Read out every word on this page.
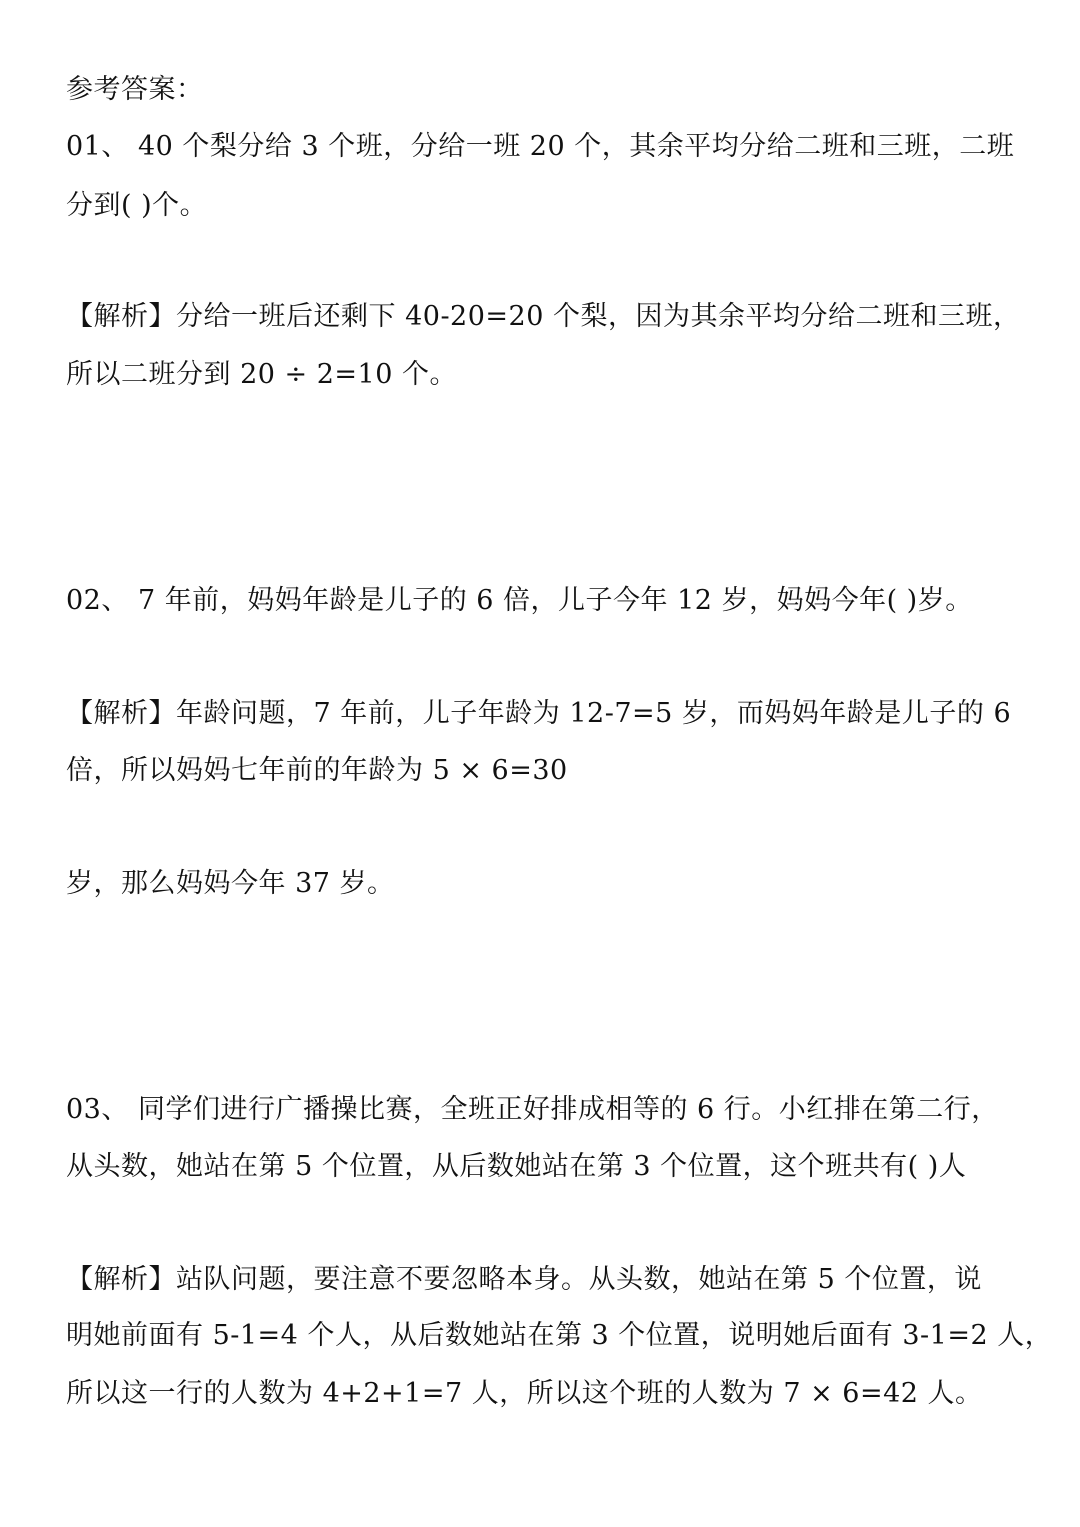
参考答案：
01、 40 个梨分给 3 个班，分给一班 20 个，其余平均分给二班和三班，二班
分到( )个。
【解析】分给一班后还剩下 40-20=20 个梨，因为其余平均分给二班和三班，
所以二班分到 20 ÷ 2=10 个。
02、 7 年前，妈妈年龄是儿子的 6 倍，儿子今年 12 岁，妈妈今年( )岁。
【解析】年龄问题，7 年前，儿子年龄为 12-7=5 岁，而妈妈年龄是儿子的 6
倍，所以妈妈七年前的年龄为 5 × 6=30
岁，那么妈妈今年 37 岁。
03、 同学们进行广播操比赛，全班正好排成相等的 6 行。小红排在第二行，
从头数，她站在第 5 个位置，从后数她站在第 3 个位置，这个班共有( )人
【解析】站队问题，要注意不要忽略本身。从头数，她站在第 5 个位置，说
明她前面有 5-1=4 个人，从后数她站在第 3 个位置，说明她后面有 3-1=2 人，
所以这一行的人数为 4+2+1=7 人，所以这个班的人数为 7 × 6=42 人。
